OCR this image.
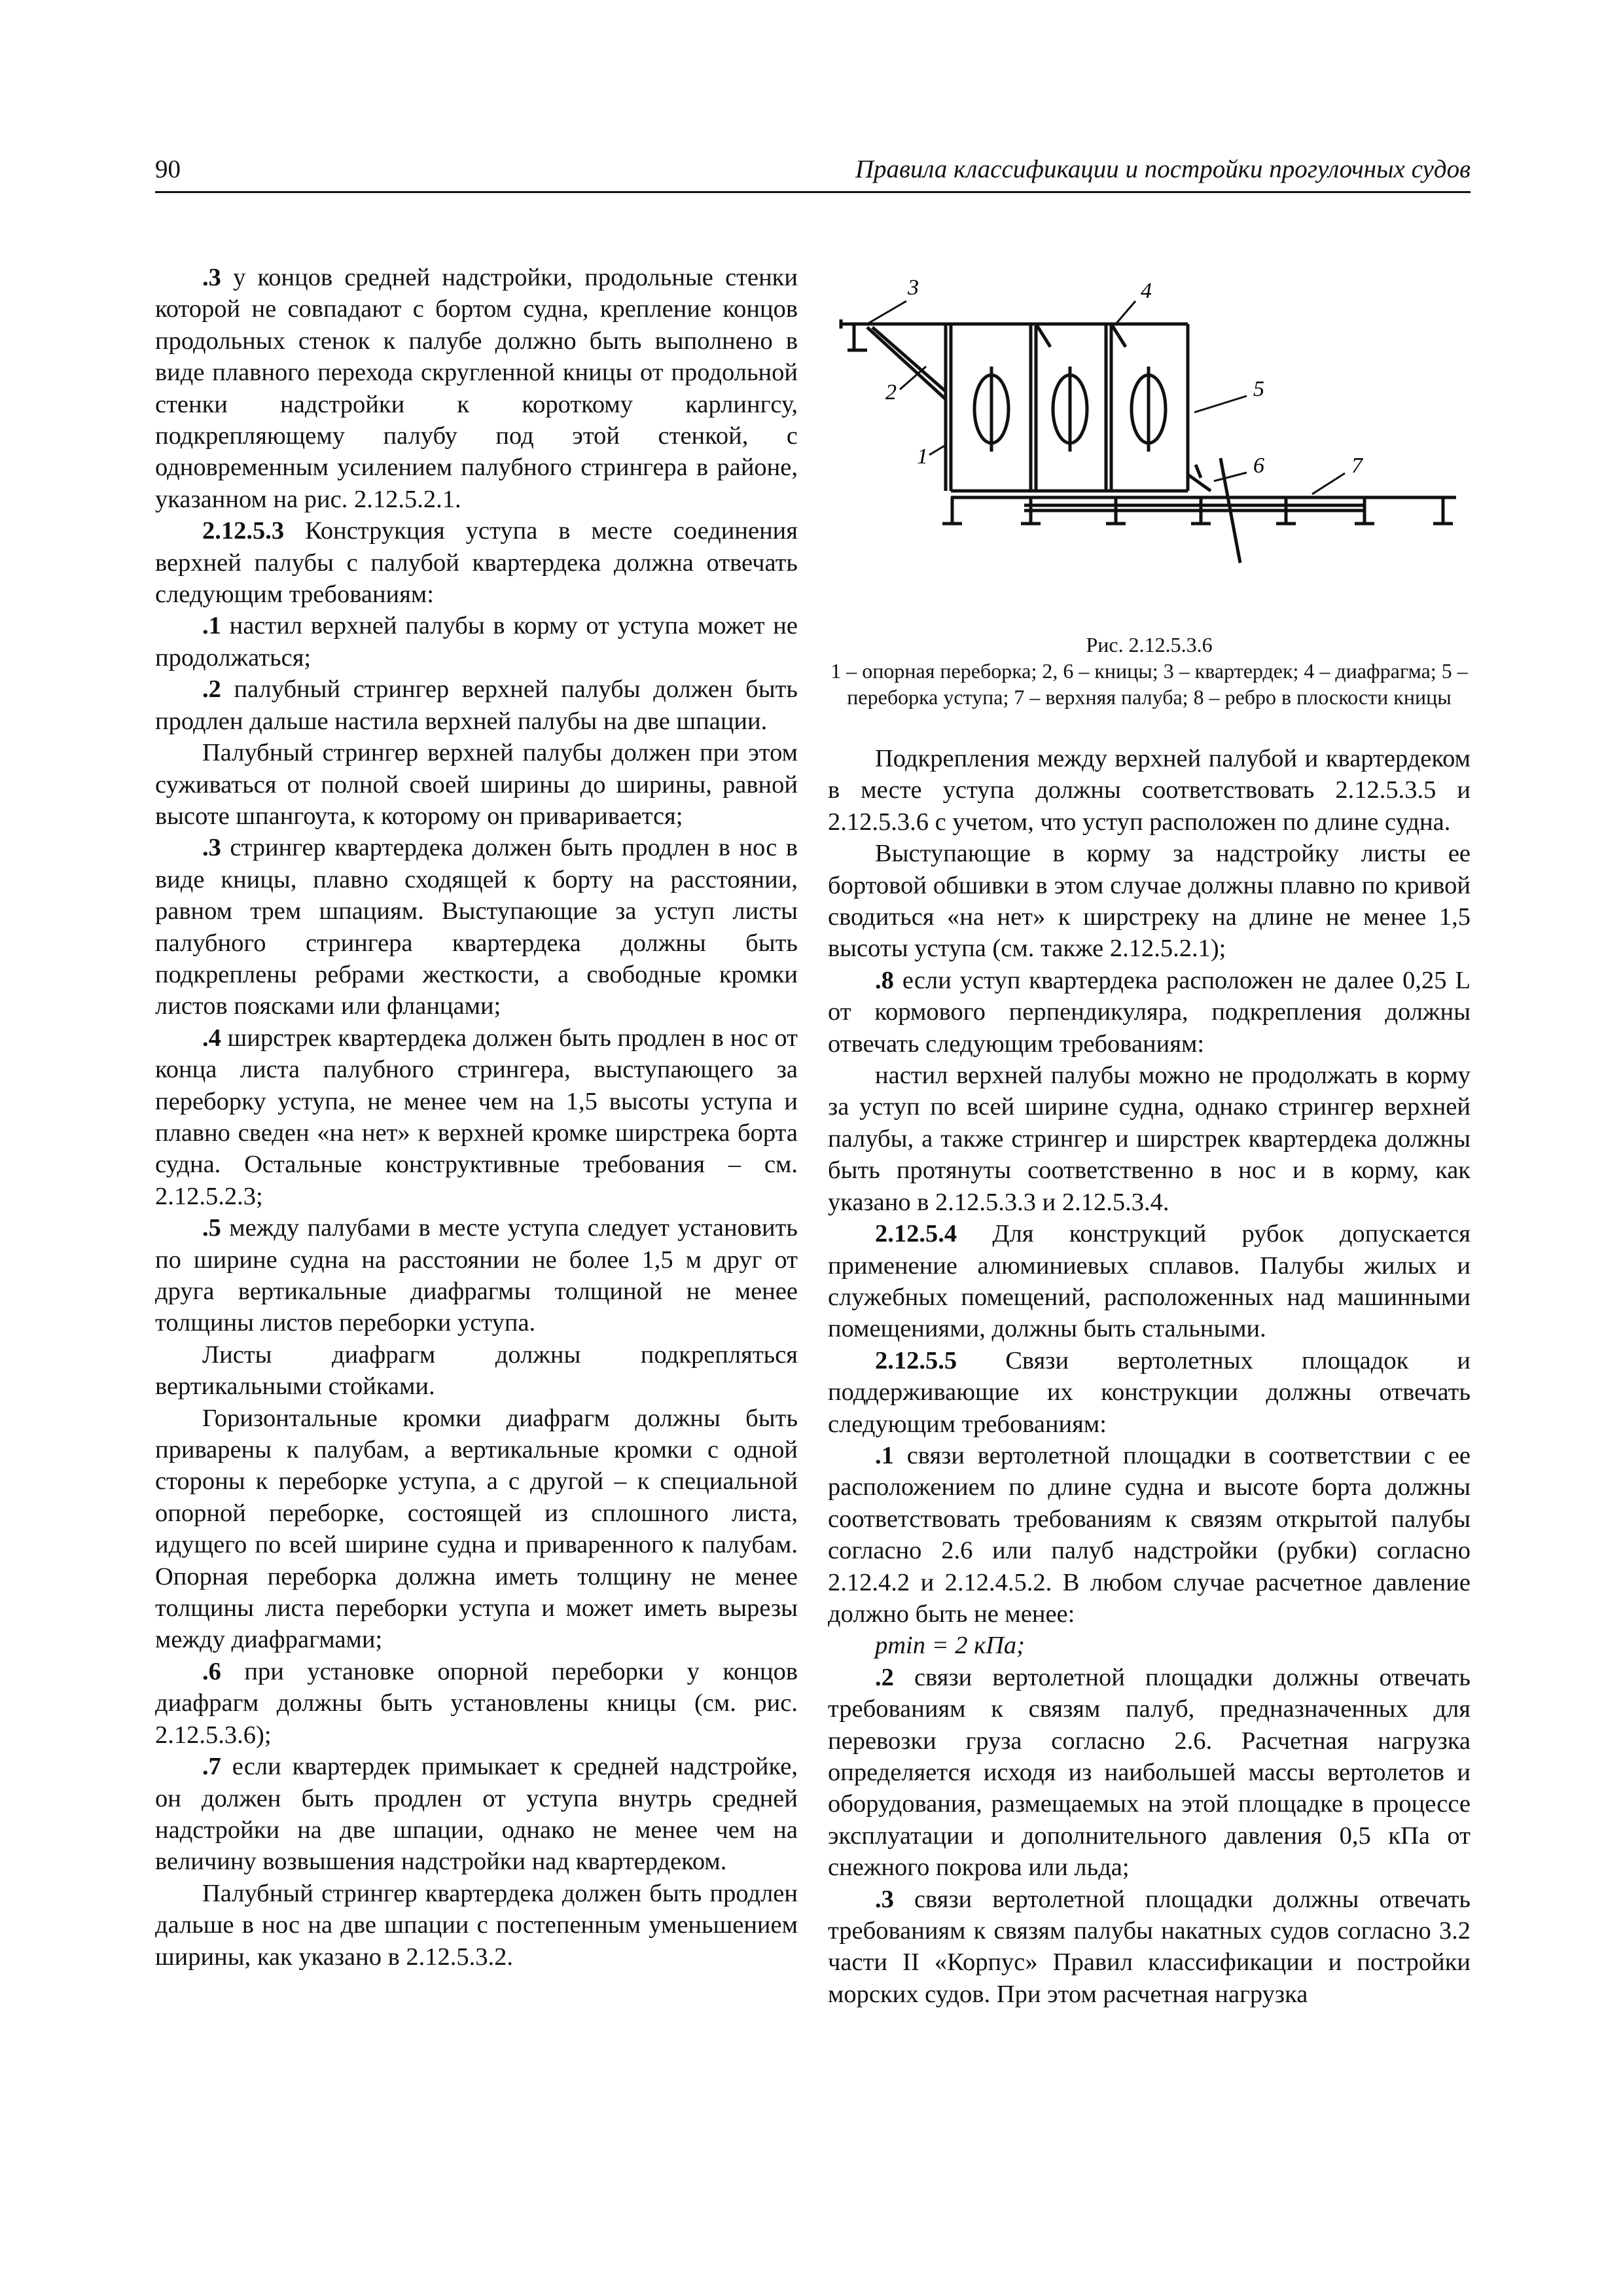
90	Правила классификации и постройки прогулочных судов

.3 у концов средней надстройки, продольные стенки которой не совпадают с бортом судна, крепление концов продольных стенок к палубе должно быть выполнено в виде плавного перехода скругленной кницы от продольной стенки надстройки к короткому карлингсу, подкрепляющему палубу под этой стенкой, с одновременным усилением палубного стрингера в районе, указанном на рис. 2.12.5.2.1.

2.12.5.3 Конструкция уступа в месте соединения верхней палубы с палубой квартердека должна отвечать следующим требованиям:

.1 настил верхней палубы в корму от уступа может не продолжаться;

.2 палубный стрингер верхней палубы должен быть продлен дальше настила верхней палубы на две шпации.

Палубный стрингер верхней палубы должен при этом суживаться от полной своей ширины до ширины, равной высоте шпангоута, к которому он приваривается;

.3 стрингер квартердека должен быть продлен в нос в виде кницы, плавно сходящей к борту на расстоянии, равном трем шпациям. Выступающие за уступ листы палубного стрингера квартердека должны быть подкреплены ребрами жесткости, а свободные кромки листов поясками или фланцами;

.4 ширстрек квартердека должен быть продлен в нос от конца листа палубного стрингера, выступающего за переборку уступа, не менее чем на 1,5 высоты уступа и плавно сведен «на нет» к верхней кромке ширстрека борта судна. Остальные конструктивные требования – см. 2.12.5.2.3;

.5 между палубами в месте уступа следует установить по ширине судна на расстоянии не более 1,5 м друг от друга вертикальные диафрагмы толщиной не менее толщины листов переборки уступа.

Листы диафрагм должны подкрепляться вертикальными стойками.

Горизонтальные кромки диафрагм должны быть приварены к палубам, а вертикальные кромки с одной стороны к переборке уступа, а с другой – к специальной опорной переборке, состоящей из сплошного листа, идущего по всей ширине судна и приваренного к палубам. Опорная переборка должна иметь толщину не менее толщины листа переборки уступа и может иметь вырезы между диафрагмами;

.6 при установке опорной переборки у концов диафрагм должны быть установлены кницы (см. рис. 2.12.5.3.6);

.7 если квартердек примыкает к средней надстройке, он должен быть продлен от уступа внутрь средней надстройки на две шпации, однако не менее чем на величину возвышения надстройки над квартердеком.

Палубный стрингер квартердека должен быть продлен дальше в нос на две шпации с постепенным уменьшением ширины, как указано в 2.12.5.3.2.

3	4
5
2
1	6	7
Рис. 2.12.5.3.6
1 – опорная переборка; 2, 6 – кницы; 3 – квартердек; 4 – диафрагма; 5 – переборка уступа; 7 – верхняя палуба; 8 – ребро в плоскости кницы

Подкрепления между верхней палубой и квартердеком в месте уступа должны соответствовать 2.12.5.3.5 и 2.12.5.3.6 с учетом, что уступ расположен по длине судна.

Выступающие в корму за надстройку листы ее бортовой обшивки в этом случае должны плавно по кривой сводиться «на нет» к ширстреку на длине не менее 1,5 высоты уступа (см. также 2.12.5.2.1);

.8 если уступ квартердека расположен не далее 0,25 L от кормового перпендикуляра, подкрепления должны отвечать следующим требованиям:

настил верхней палубы можно не продолжать в корму за уступ по всей ширине судна, однако стрингер верхней палубы, а также стрингер и ширстрек квартердека должны быть протянуты соответственно в нос и в корму, как указано в 2.12.5.3.3 и 2.12.5.3.4.

2.12.5.4 Для конструкций рубок допускается применение алюминиевых сплавов. Палубы жилых и служебных помещений, расположенных над машинными помещениями, должны быть стальными.

2.12.5.5 Связи вертолетных площадок и поддерживающие их конструкции должны отвечать следующим требованиям:

.1 связи вертолетной площадки в соответствии с ее расположением по длине судна и высоте борта должны соответствовать требованиям к связям открытой палубы согласно 2.6 или палуб надстройки (рубки) согласно 2.12.4.2 и 2.12.4.5.2. В любом случае расчетное давление должно быть не менее:

pmin = 2 кПа;

.2 связи вертолетной площадки должны отвечать требованиям к связям палуб, предназначенных для перевозки груза согласно 2.6. Расчетная нагрузка определяется исходя из наибольшей массы вертолетов и оборудования, размещаемых на этой площадке в процессе эксплуатации и дополнительного давления 0,5 кПа от снежного покрова или льда;

.3 связи вертолетной площадки должны отвечать требованиям к связям палубы накатных судов согласно 3.2 части II «Корпус» Правил классификации и постройки морских судов. При этом расчетная нагрузка
